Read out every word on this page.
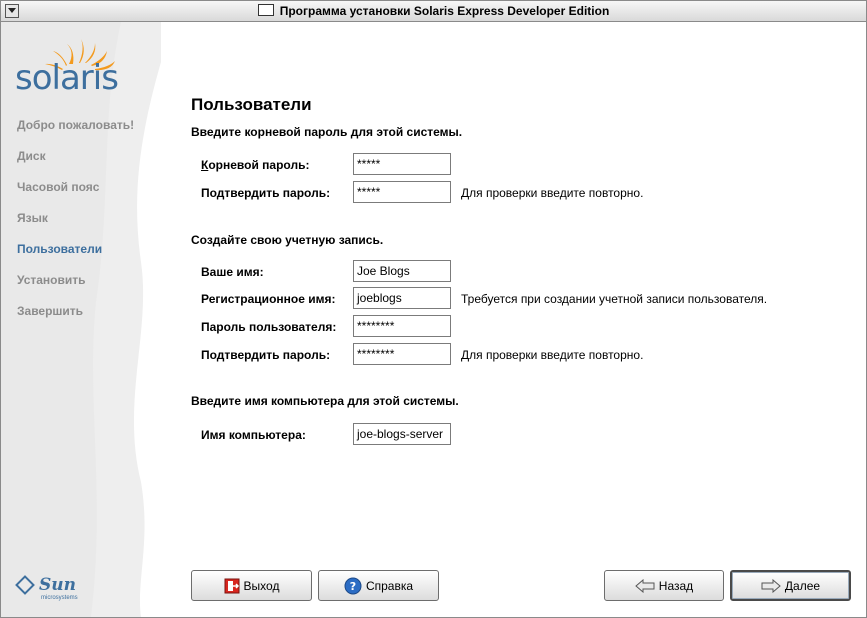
Программа установки Solaris Express Developer Edition
solaris
Добро пожаловать!
Диск
Часовой пояс
Язык
Пользователи
Установить
Завершить
Sun
microsystems
Пользователи
Введите корневой пароль для этой системы.
Корневой пароль:	*****
Подтвердить пароль:	*****	Для проверки введите повторно.
Создайте свою учетную запись.
Ваше имя:	Joe Blogs
Регистрационное имя:	joeblogs	Требуется при создании учетной записи пользователя.
Пароль пользователя:	********
Подтвердить пароль:	********	Для проверки введите повторно.
Введите имя компьютера для этой системы.
Имя компьютера:	joe-blogs-server
Выход	? Справка	Назад	Далее
